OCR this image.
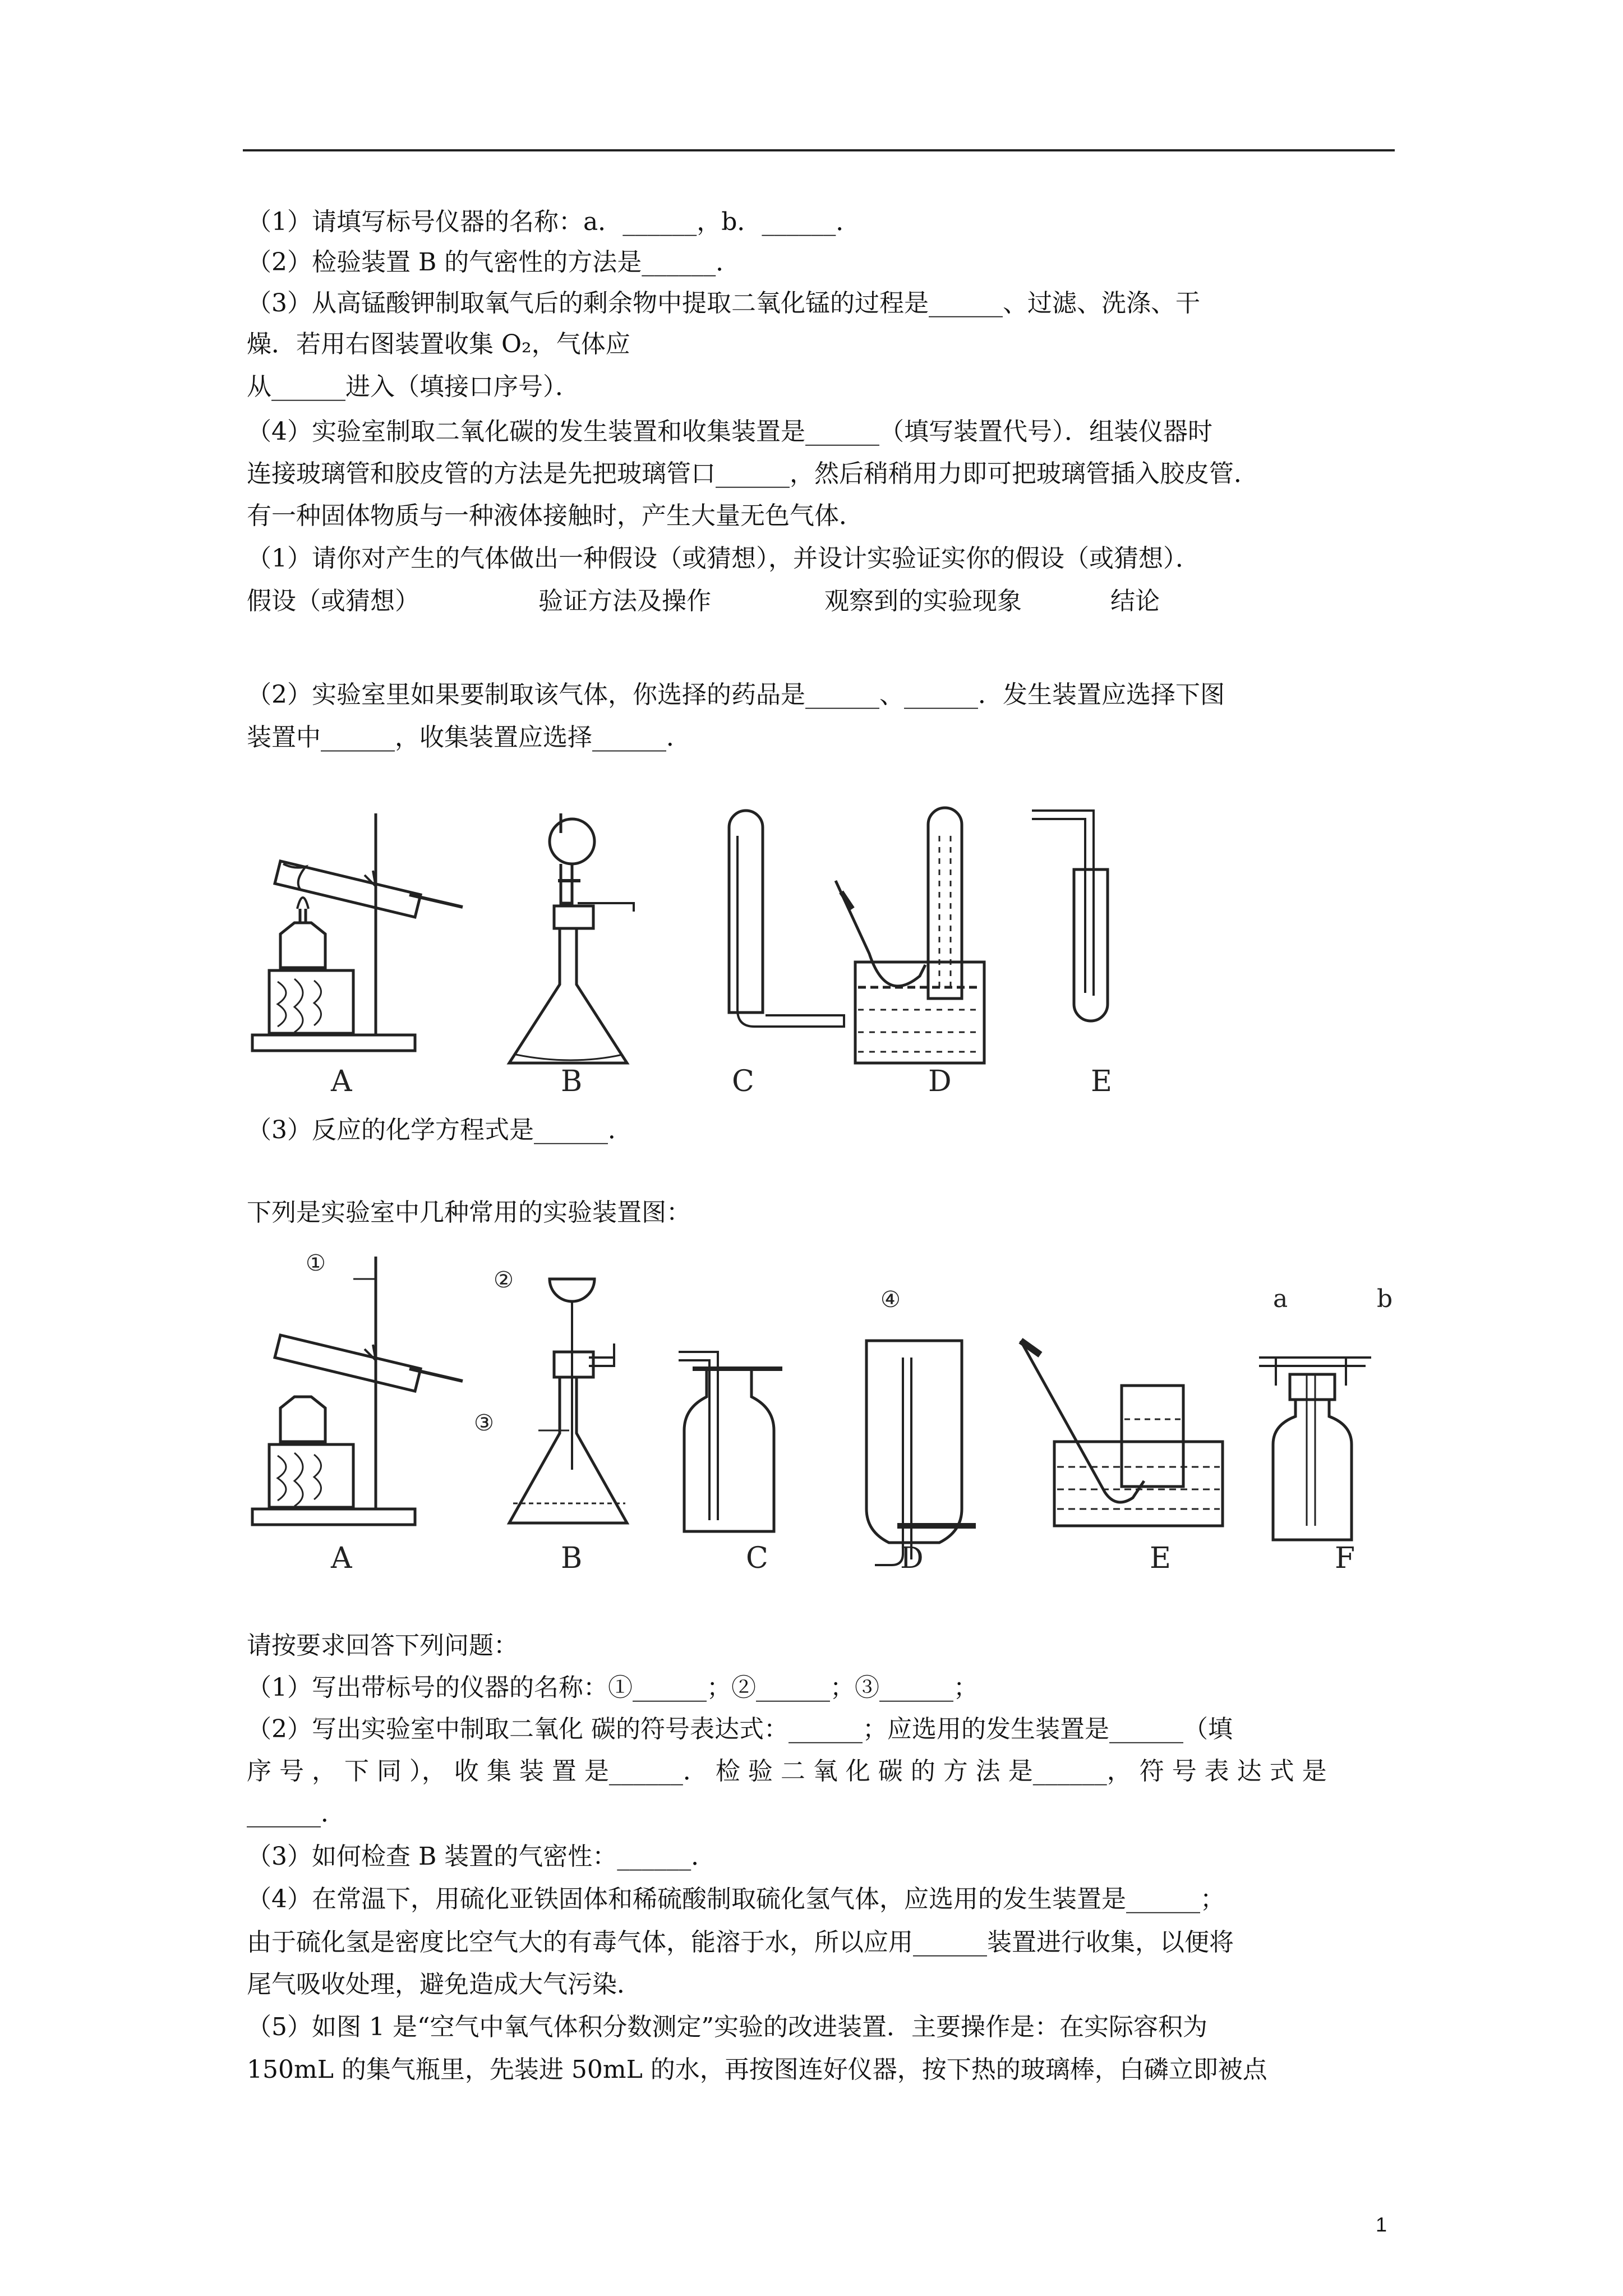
（1）请填写标号仪器的名称：a．______，b．______．
（2）检验装置 B 的气密性的方法是______．
（3）从高锰酸钾制取氧气后的剩余物中提取二氧化锰的过程是______、过滤、洗涤、干
燥．若用右图装置收集 O₂，气体应
从______进入（填接口序号）．
（4）实验室制取二氧化碳的发生装置和收集装置是______（填写装置代号）．组装仪器时
连接玻璃管和胶皮管的方法是先把玻璃管口______，然后稍稍用力即可把玻璃管插入胶皮管．
有一种固体物质与一种液体接触时，产生大量无色气体．
（1）请你对产生的气体做出一种假设（或猜想），并设计实验证实你的假设（或猜想）．
假设（或猜想）	验证方法及操作	观察到的实验现象	结论
（2）实验室里如果要制取该气体，你选择的药品是______、______．发生装置应选择下图
装置中______，收集装置应选择______．
A	B	C	D	E
（3）反应的化学方程式是______．
下列是实验室中几种常用的实验装置图：
①
②
③
④	a	b
A	B	C	D	E	F
请按要求回答下列问题：
（1）写出带标号的仪器的名称：①______；②______；③______；
（2）写出实验室中制取二氧化 碳的符号表达式：______；应选用的发生装置是______（填
序 号 ， 下 同 ）， 收 集 装 置 是______． 检 验 二 氧 化 碳 的 方 法 是______， 符 号 表 达 式 是
______．
（3）如何检查 B 装置的气密性：______．
（4）在常温下，用硫化亚铁固体和稀硫酸制取硫化氢气体，应选用的发生装置是______；
由于硫化氢是密度比空气大的有毒气体，能溶于水，所以应用______装置进行收集，以便将
尾气吸收处理，避免造成大气污染．
（5）如图 1 是“空气中氧气体积分数测定”实验的改进装置．主要操作是：在实际容积为
150mL 的集气瓶里，先装进 50mL 的水，再按图连好仪器，按下热的玻璃棒，白磷立即被点
1
